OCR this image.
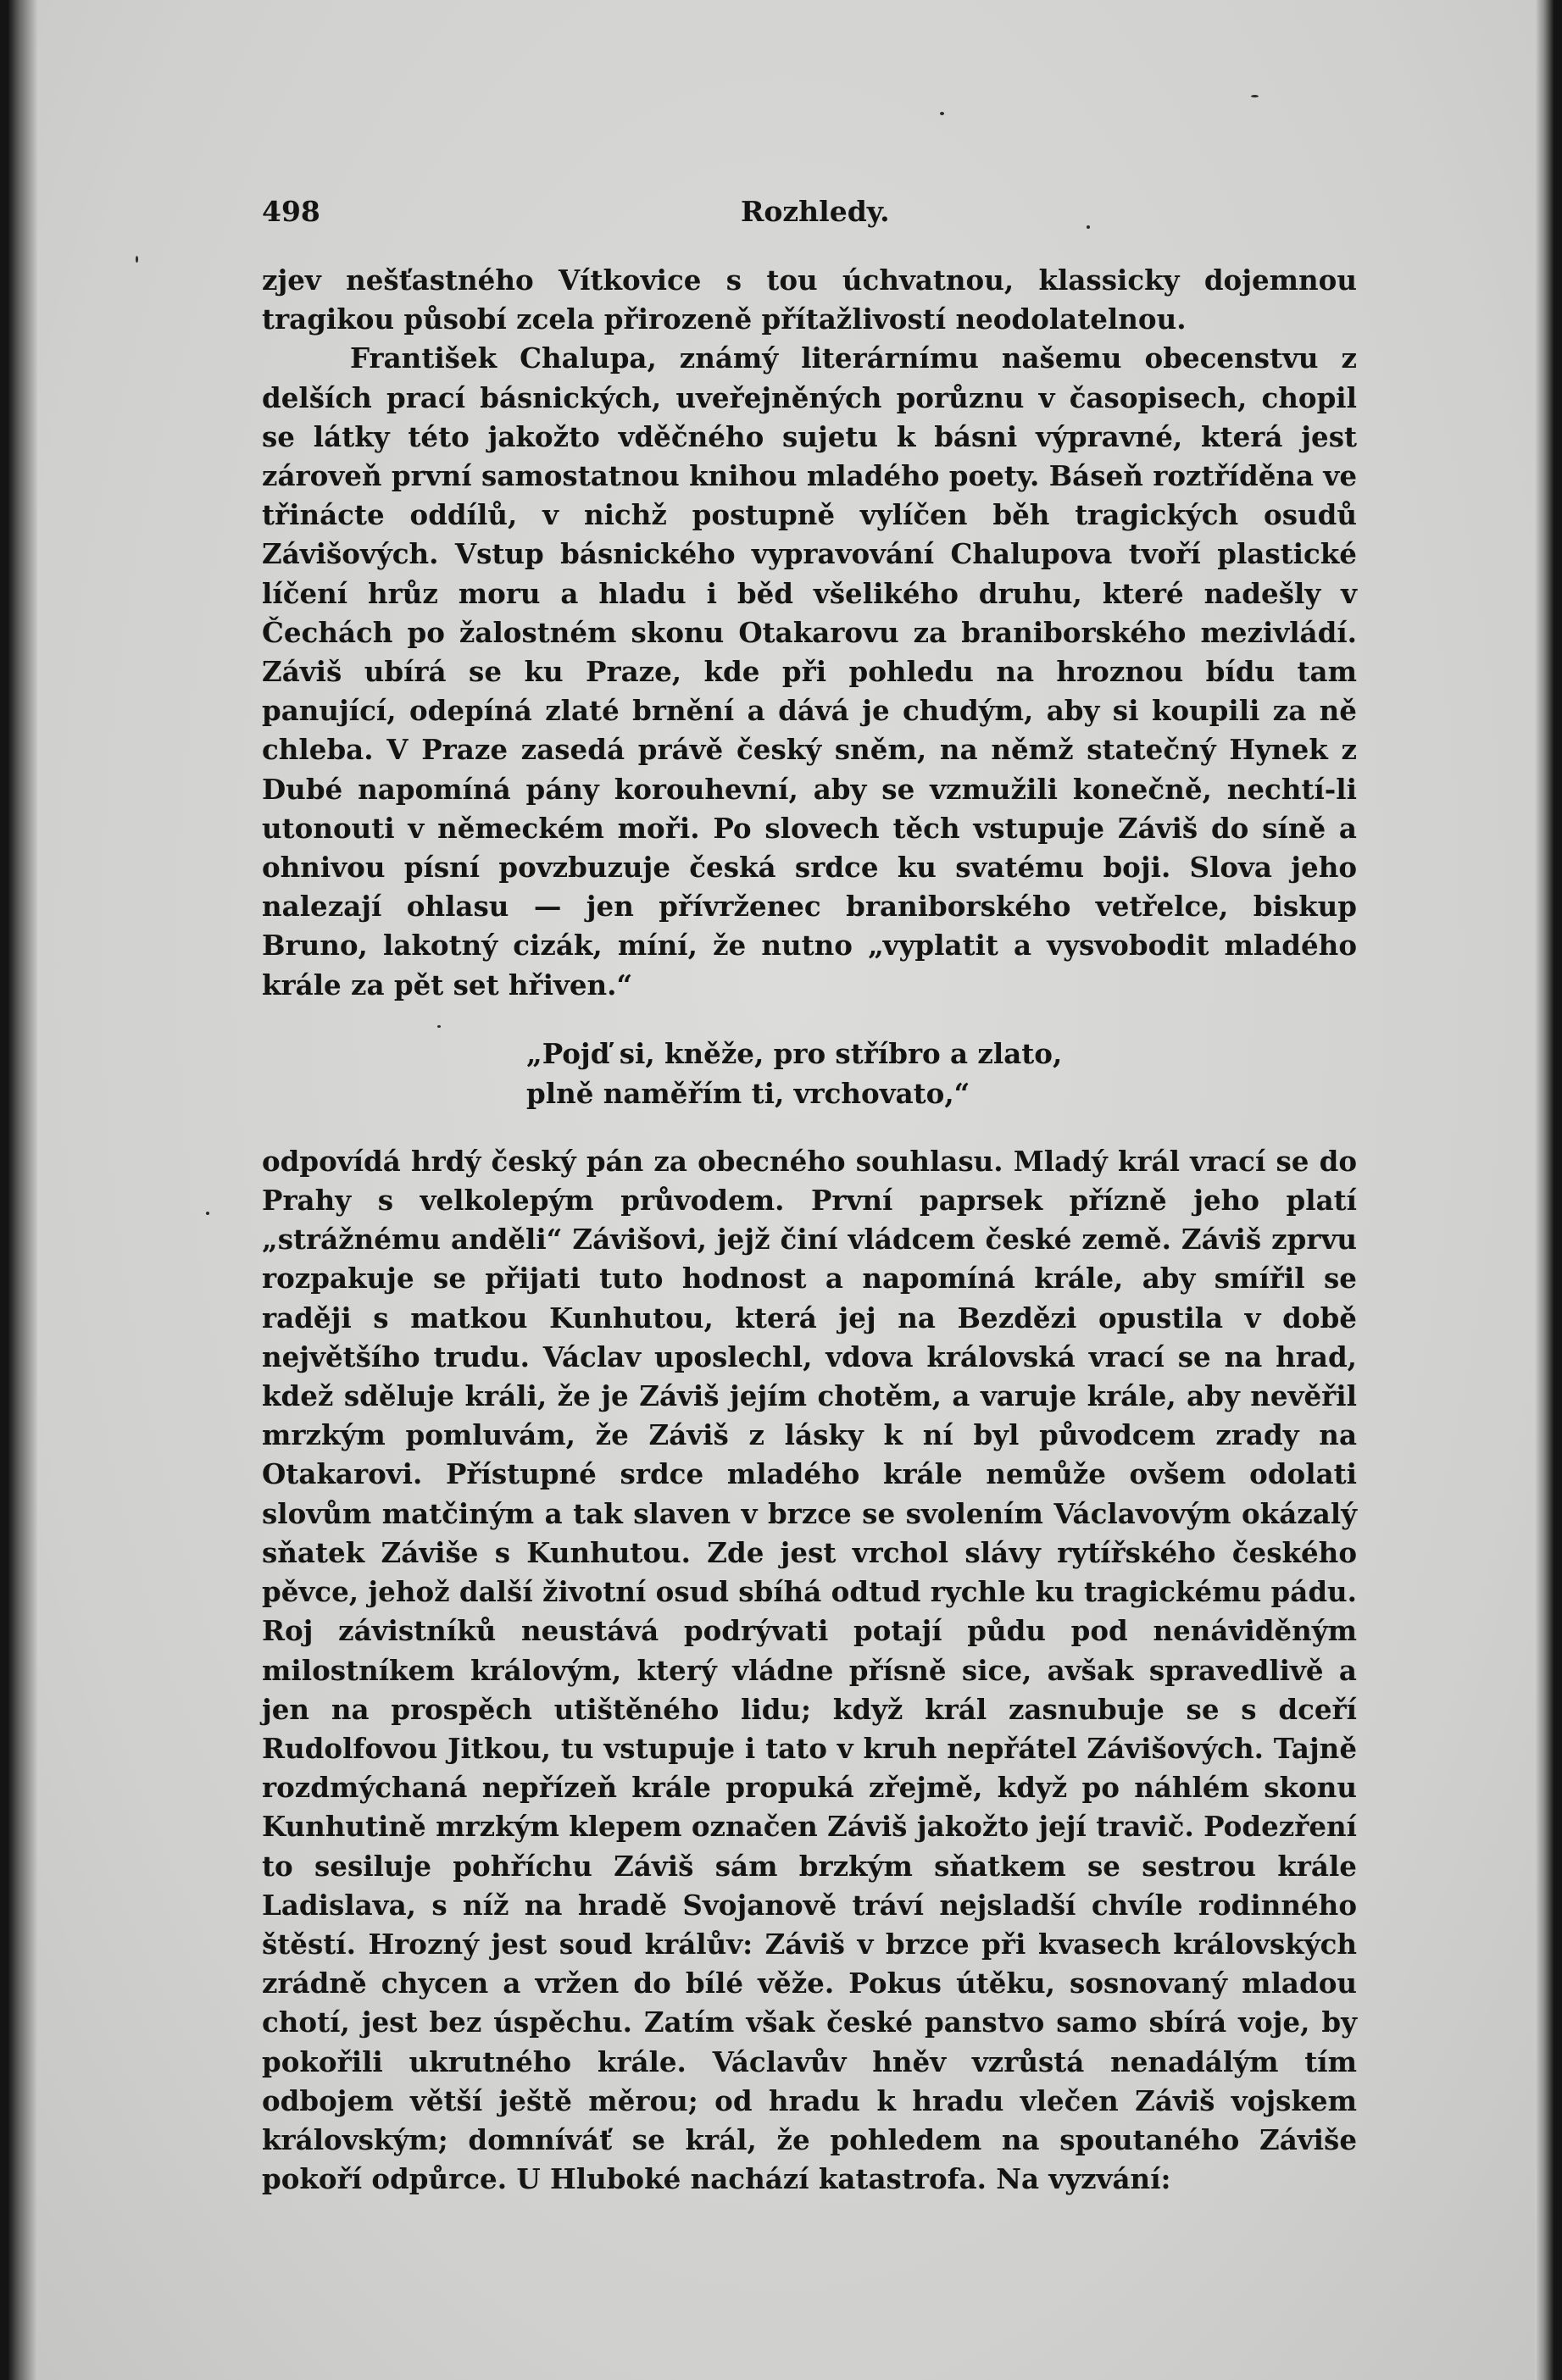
498	Rozhledy.

zjev nešťastného Vítkovice s tou úchvatnou, klassicky dojemnou tragikou působí zcela přirozeně přítažlivostí neodolatelnou.

František Chalupa, známý literárnímu našemu obecenstvu z delších prací básnických, uveřejněných porůznu v časopisech, chopil se látky této jakožto vděčného sujetu k básni výpravné, která jest zároveň první samostatnou knihou mladého poety. Báseň roztříděna ve třinácte oddílů, v nichž postupně vylíčen běh tragických osudů Závišových. Vstup básnického vypravování Chalupova tvoří plastické líčení hrůz moru a hladu i běd všelikého druhu, které nadešly v Čechách po žalostném skonu Otakarovu za braniborského mezivládí. Záviš ubírá se ku Praze, kde při pohledu na hroznou bídu tam panující, odepíná zlaté brnění a dává je chudým, aby si koupili za ně chleba. V Praze zasedá právě český sněm, na němž statečný Hynek z Dubé napomíná pány korouhevní, aby se vzmužili konečně, nechtí-li utonouti v německém moři. Po slovech těch vstupuje Záviš do síně a ohnivou písní povzbuzuje česká srdce ku svatému boji. Slova jeho nalezají ohlasu — jen přívrženec braniborského vetřelce, biskup Bruno, lakotný cizák, míní, že nutno „vyplatit a vysvobodit mladého krále za pět set hřiven.“

„Pojď si, kněže, pro stříbro a zlato,
plně naměřím ti, vrchovato,“

odpovídá hrdý český pán za obecného souhlasu. Mladý král vrací se do Prahy s velkolepým průvodem. První paprsek přízně jeho platí „strážnému anděli“ Závišovi, jejž činí vládcem české země. Záviš zprvu rozpakuje se přijati tuto hodnost a napomíná krále, aby smířil se raději s matkou Kunhutou, která jej na Bezdězi opustila v době největšího trudu. Václav uposlechl, vdova královská vrací se na hrad, kdež sděluje králi, že je Záviš jejím chotěm, a varuje krále, aby nevěřil mrzkým pomluvám, že Záviš z lásky k ní byl původcem zrady na Otakarovi. Přístupné srdce mladého krále nemůže ovšem odolati slovům matčiným a tak slaven v brzce se svolením Václavovým okázalý sňatek Záviše s Kunhutou. Zde jest vrchol slávy rytířského českého pěvce, jehož další životní osud sbíhá odtud rychle ku tragickému pádu. Roj závistníků neustává podrývati potají půdu pod nenáviděným milostníkem královým, který vládne přísně sice, avšak spravedlivě a jen na prospěch utištěného lidu; když král zasnubuje se s dceří Rudolfovou Jitkou, tu vstupuje i tato v kruh nepřátel Závišových. Tajně rozdmýchaná nepřízeň krále propuká zřejmě, když po náhlém skonu Kunhutině mrzkým klepem označen Záviš jakožto její travič. Podezření to sesiluje pohříchu Záviš sám brzkým sňatkem se sestrou krále Ladislava, s níž na hradě Svojanově tráví nejsladší chvíle rodinného štěstí. Hrozný jest soud králův: Záviš v brzce při kvasech královských zrádně chycen a vržen do bílé věže. Pokus útěku, sosnovaný mladou chotí, jest bez úspěchu. Zatím však české panstvo samo sbírá voje, by pokořili ukrutného krále. Václavův hněv vzrůstá nenadálým tím odbojem větší ještě měrou; od hradu k hradu vlečen Záviš vojskem královským; domníváť se král, že pohledem na spoutaného Záviše pokoří odpůrce. U Hluboké nachází katastrofa. Na vyzvání:
